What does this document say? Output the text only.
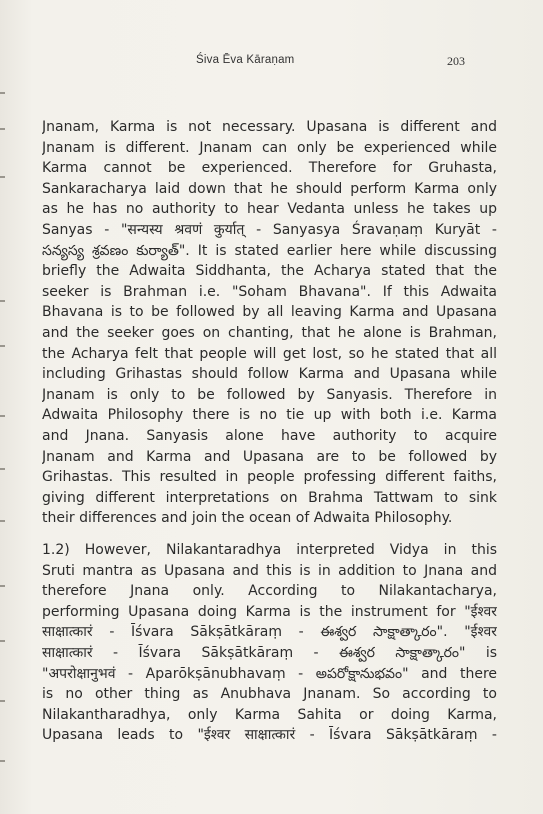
Śiva Ēva Kāraṇam	203
Jnanam, Karma is not necessary. Upasana is different and
Jnanam is different. Jnanam can only be experienced while
Karma cannot be experienced. Therefore for Gruhasta,
Sankaracharya laid down that he should perform Karma only
as he has no authority to hear Vedanta unless he takes up
Sanyas - "सन्यस्य श्रवणं कुर्यात् - Sanyasya Śravaṇaṃ Kuryāt -
సన్యస్య శ్రవణం కుర్యాత్". It is stated earlier here while discussing
briefly the Adwaita Siddhanta, the Acharya stated that the
seeker is Brahman i.e. "Soham Bhavana". If this Adwaita
Bhavana is to be followed by all leaving Karma and Upasana
and the seeker goes on chanting, that he alone is Brahman,
the Acharya felt that people will get lost, so he stated that all
including Grihastas should follow Karma and Upasana while
Jnanam is only to be followed by Sanyasis. Therefore in
Adwaita Philosophy there is no tie up with both i.e. Karma
and Jnana. Sanyasis alone have authority to acquire
Jnanam and Karma and Upasana are to be followed by
Grihastas. This resulted in people professing different faiths,
giving different interpretations on Brahma Tattwam to sink
their differences and join the ocean of Adwaita Philosophy.
1.2) However, Nilakantaradhya interpreted Vidya in this
Sruti mantra as Upasana and this is in addition to Jnana and
therefore Jnana only. According to Nilakantacharya,
performing Upasana doing Karma is the instrument for "ईश्वर
साक्षात्कारं - Īśvara Sākṣātkāraṃ - ఈశ్వర సాక్షాత్కారం". "ईश्वर
साक्षात्कारं - Īśvara Sākṣātkāraṃ - ఈశ్వర సాక్షాత్కారం" is
"अपरोक्षानुभवं - Aparōkṣānubhavaṃ - అపరోక్షానుభవం" and there
is no other thing as Anubhava Jnanam. So according to
Nilakantharadhya, only Karma Sahita or doing Karma,
Upasana leads to "ईश्वर साक्षात्कारं - Īśvara Sākṣātkāraṃ -
